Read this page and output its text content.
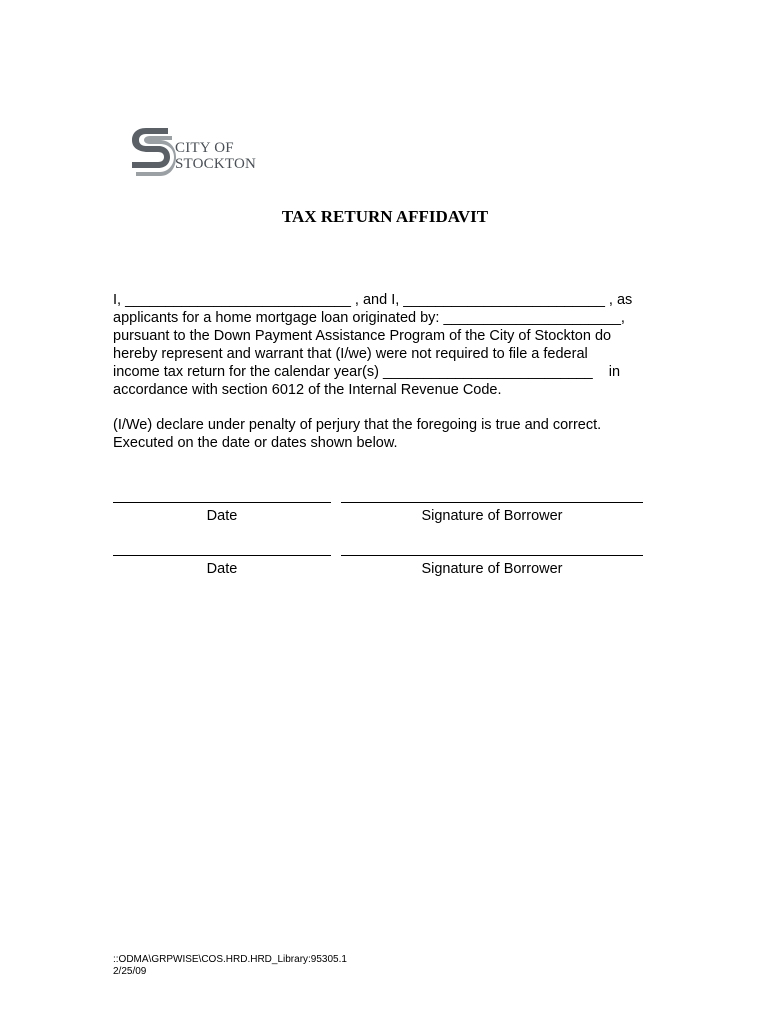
CITY OF
STOCKTON
TAX RETURN AFFIDAVIT
I, ____________________________ , and I, _________________________ , as
applicants for a home mortgage loan originated by: ______________________,
pursuant to the Down Payment Assistance Program of the City of Stockton do
hereby represent and warrant that (I/we) were not required to file a federal
income tax return for the calendar year(s) __________________________    in
accordance with section 6012 of the Internal Revenue Code.
(I/We) declare under penalty of perjury that the foregoing is true and correct.
Executed on the date or dates shown below.
Date	Signature of Borrower
Date	Signature of Borrower
::ODMA\GRPWISE\COS.HRD.HRD_Library:95305.1
2/25/09
